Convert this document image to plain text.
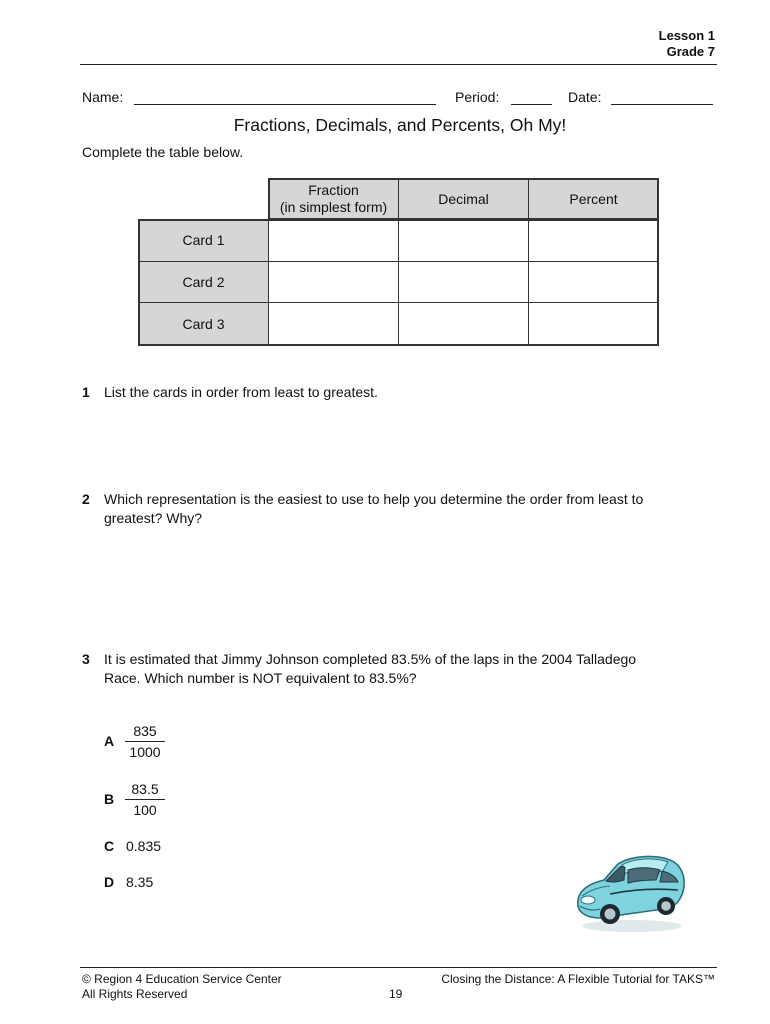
Lesson 1
Grade 7
Name:	Period:	Date:
Fractions, Decimals, and Percents, Oh My!
Complete the table below.
Fraction
(in simplest form)
Decimal	Percent
Card 1
Card 2
Card 3
1 List the cards in order from least to greatest.
2 Which representation is the easiest to use to help you determine the order from least to
greatest? Why?
3 It is estimated that Jimmy Johnson completed 83.5% of the laps in the 2004 Talladego
Race. Which number is NOT equivalent to 83.5%?
A $\frac{835}{1000}$
B $\frac{83.5}{100}$
C 0.835
D 8.35
© Region 4 Education Service Center
All Rights Reserved	19
Closing the Distance: A Flexible Tutorial for TAKS™
